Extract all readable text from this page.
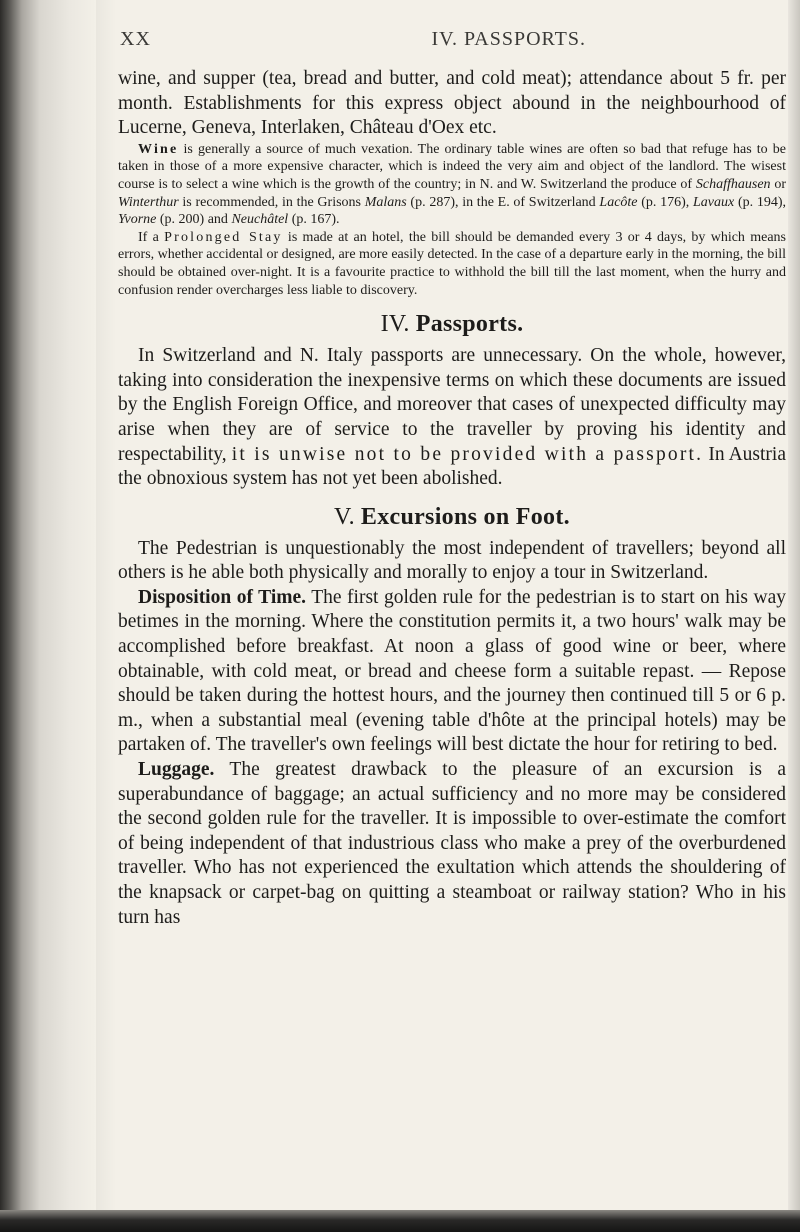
XX	IV. PASSPORTS.

wine, and supper (tea, bread and butter, and cold meat); attendance about 5 fr. per month. Establishments for this express object abound in the neighbourhood of Lucerne, Geneva, Interlaken, Château d'Oex etc.

Wine is generally a source of much vexation. The ordinary table wines are often so bad that refuge has to be taken in those of a more expensive character, which is indeed the very aim and object of the landlord. The wisest course is to select a wine which is the growth of the country; in N. and W. Switzerland the produce of Schaffhausen or Winterthur is recommended, in the Grisons Malans (p. 287), in the E. of Switzerland Lacôte (p. 176), Lavaux (p. 194), Yvorne (p. 200) and Neuchâtel (p. 167).

If a Prolonged Stay is made at an hotel, the bill should be demanded every 3 or 4 days, by which means errors, whether accidental or designed, are more easily detected. In the case of a departure early in the morning, the bill should be obtained over-night. It is a favourite practice to withhold the bill till the last moment, when the hurry and confusion render overcharges less liable to discovery.

IV. Passports.

In Switzerland and N. Italy passports are unnecessary. On the whole, however, taking into consideration the inexpensive terms on which these documents are issued by the English Foreign Office, and moreover that cases of unexpected difficulty may arise when they are of service to the traveller by proving his identity and respectability, it is unwise not to be provided with a passport. In Austria the obnoxious system has not yet been abolished.

V. Excursions on Foot.

The Pedestrian is unquestionably the most independent of travellers; beyond all others is he able both physically and morally to enjoy a tour in Switzerland.

Disposition of Time. The first golden rule for the pedestrian is to start on his way betimes in the morning. Where the constitution permits it, a two hours' walk may be accomplished before breakfast. At noon a glass of good wine or beer, where obtainable, with cold meat, or bread and cheese form a suitable repast. — Repose should be taken during the hottest hours, and the journey then continued till 5 or 6 p. m., when a substantial meal (evening table d'hôte at the principal hotels) may be partaken of. The traveller's own feelings will best dictate the hour for retiring to bed.

Luggage. The greatest drawback to the pleasure of an excursion is a superabundance of baggage; an actual sufficiency and no more may be considered the second golden rule for the traveller. It is impossible to over-estimate the comfort of being independent of that industrious class who make a prey of the overburdened traveller. Who has not experienced the exultation which attends the shouldering of the knapsack or carpet-bag on quitting a steamboat or railway station? Who in his turn has
